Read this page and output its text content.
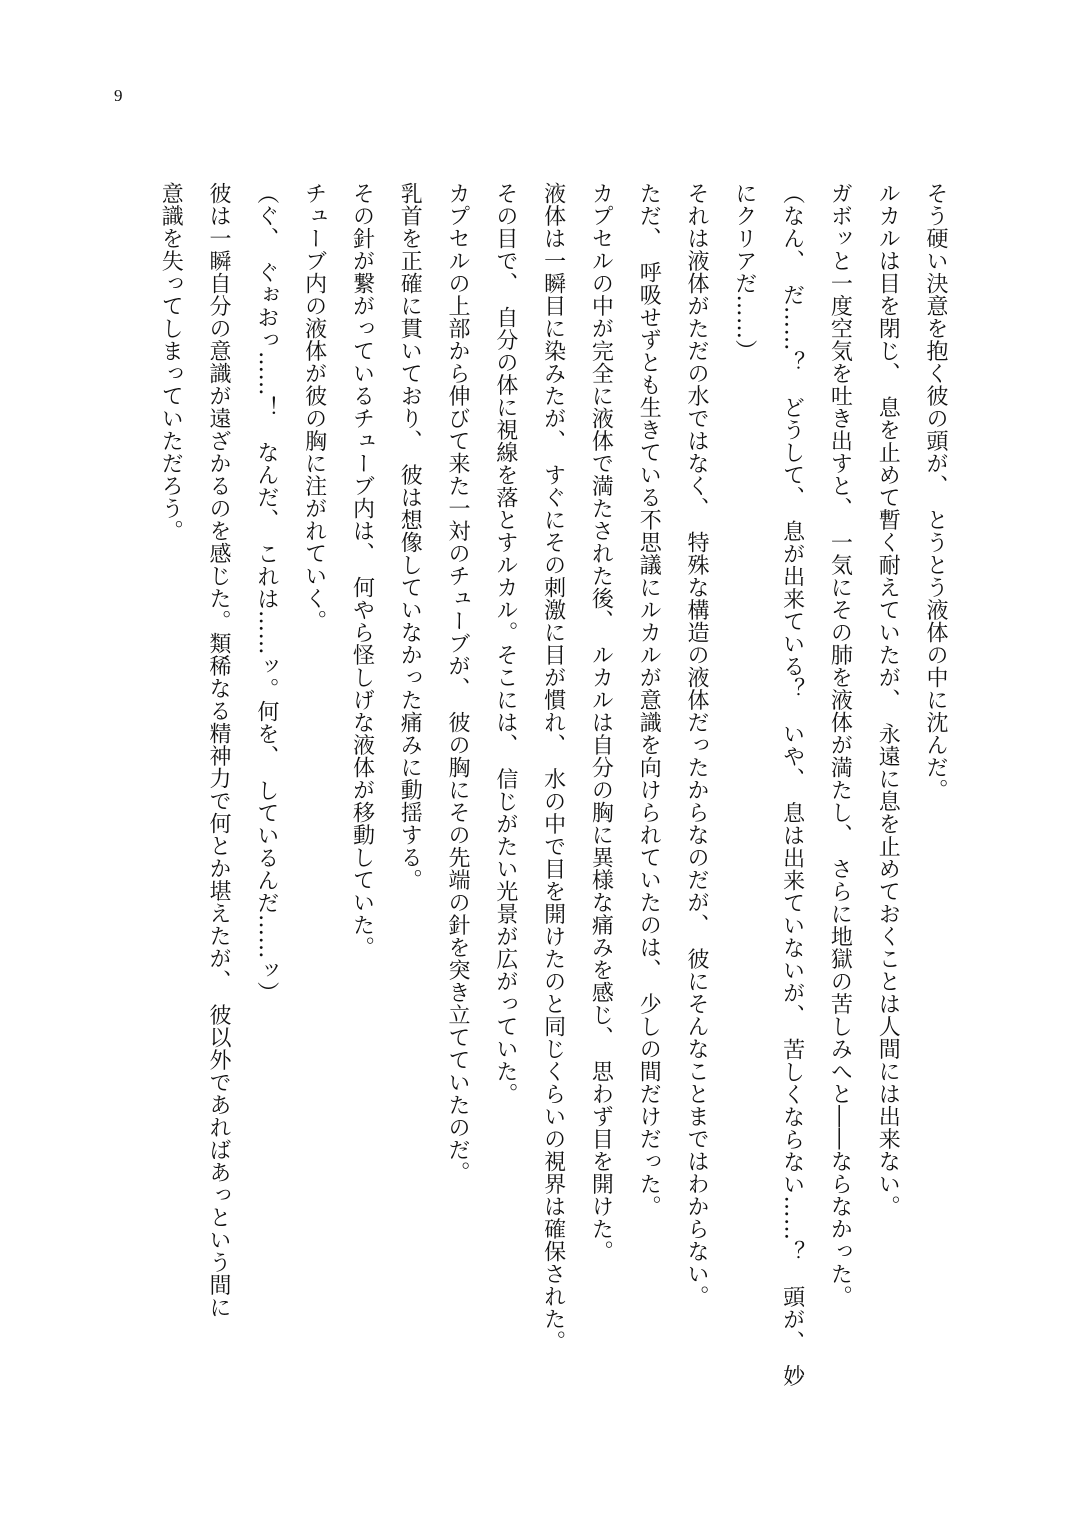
9
そう硬い決意を抱く彼の頭が、　とうとう液体の中に沈んだ。
ルカルは目を閉じ、　息を止めて暫く耐えていたが、　永遠に息を止めておくことは人間には出来ない。
ガボッと一度空気を吐き出すと、　一気にその肺を液体が満たし、　さらに地獄の苦しみへと――ならなかった。
（なん、　だ……？　どうして、　息が出来ている？　いや、　息は出来ていないが、　苦しくならない……？　頭が、　妙
にクリアだ……）
それは液体がただの水ではなく、　特殊な構造の液体だったからなのだが、　彼にそんなことまではわからない。
ただ、　呼吸せずとも生きている不思議にルカルが意識を向けられていたのは、　少しの間だけだった。
カプセルの中が完全に液体で満たされた後、　ルカルは自分の胸に異様な痛みを感じ、　思わず目を開けた。
液体は一瞬目に染みたが、　すぐにその刺激に目が慣れ、　水の中で目を開けたのと同じくらいの視界は確保された。
その目で、　自分の体に視線を落とすルカル。そこには、　信じがたい光景が広がっていた。
カプセルの上部から伸びて来た一対のチューブが、　彼の胸にその先端の針を突き立てていたのだ。
乳首を正確に貫いており、　彼は想像していなかった痛みに動揺する。
その針が繋がっているチューブ内は、　何やら怪しげな液体が移動していた。
チューブ内の液体が彼の胸に注がれていく。
（ぐ、　ぐぉおっ……！　なんだ、　これは……ッ。何を、　しているんだ……ッ）
彼は一瞬自分の意識が遠ざかるのを感じた。類稀なる精神力で何とか堪えたが、　彼以外であればあっという間に
意識を失ってしまっていただろう。
